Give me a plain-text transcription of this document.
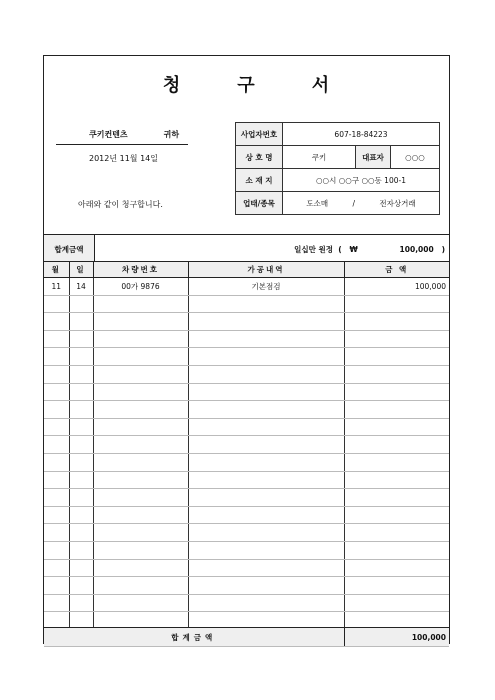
청	구	서
쿠키컨텐츠	귀하
2012년 11월 14일
아래와 같이 청구합니다.
사업자번호	607-18-84223		
상 호 명	쿠키	대표자	○○○
소 재 지	○○시 ○○구 ○○동 100-1		
업태/종목	도소매 / 전자상거래		
합계금액	일십만 원정 ( ₩	100,000 )
월	일	차량번호	가공내역	금 액
11	14	00가 9876	기본점검	100,000

합계금액	100,000
